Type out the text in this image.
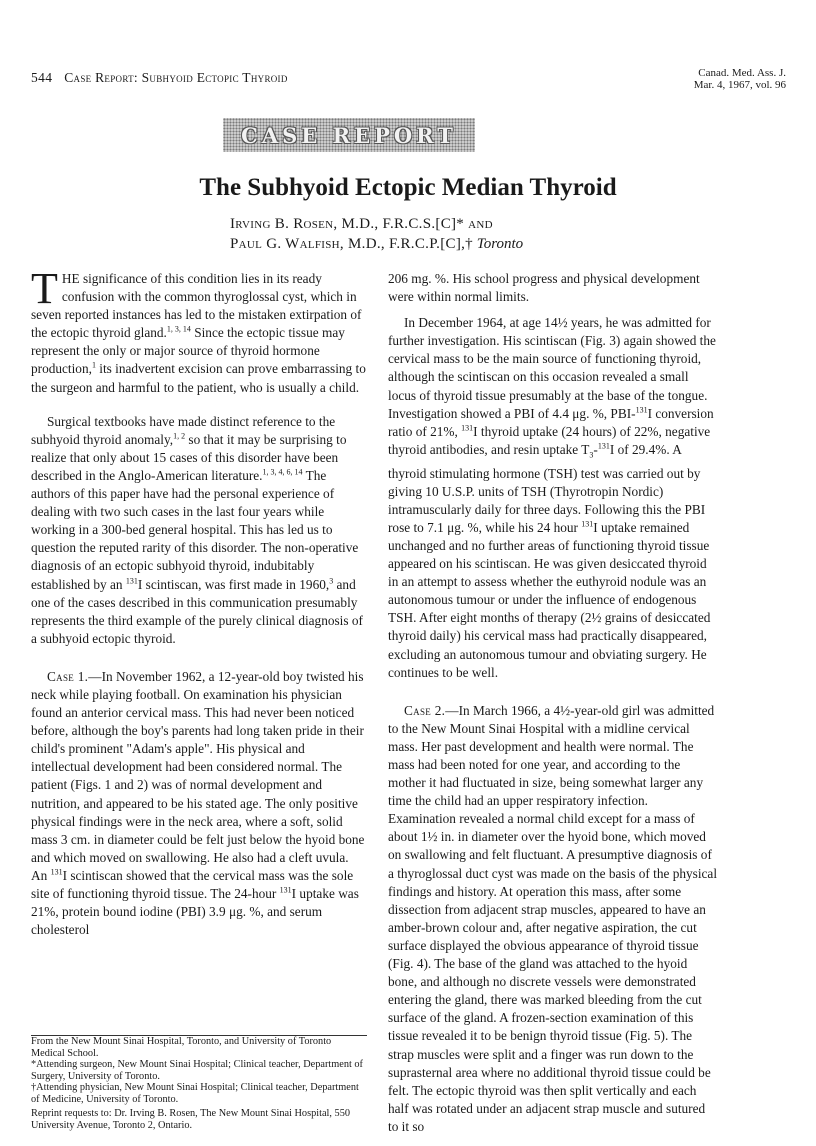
544 Case Report: Subhyoid Ectopic Thyroid	Canad. Med. Ass. J.
Mar. 4, 1967, vol. 96
CASE REPORT
The Subhyoid Ectopic Median Thyroid
Irving B. Rosen, M.D., F.R.C.S.[C]* and
Paul G. Walfish, M.D., F.R.C.P.[C],† Toronto

THE significance of this condition lies in its ready confusion with the common thyroglossal cyst, which in seven reported instances has led to the mistaken extirpation of the ectopic thyroid gland.$^{1, 3, 14}$ Since the ectopic tissue may represent the only or major source of thyroid hormone production,$^1$ its inadvertent excision can prove embarrassing to the surgeon and harmful to the patient, who is usually a child.

Surgical textbooks have made distinct reference to the subhyoid thyroid anomaly,$^{1, 2}$ so that it may be surprising to realize that only about 15 cases of this disorder have been described in the Anglo-American literature.$^{1, 3, 4, 6, 14}$ The authors of this paper have had the personal experience of dealing with two such cases in the last four years while working in a 300-bed general hospital. This has led us to question the reputed rarity of this disorder. The non-operative diagnosis of an ectopic subhyoid thyroid, indubitably established by an $^{131}$I scintiscan, was first made in 1960,$^3$ and one of the cases described in this communication presumably represents the third example of the purely clinical diagnosis of a subhyoid ectopic thyroid.

Case 1.—In November 1962, a 12-year-old boy twisted his neck while playing football. On examination his physician found an anterior cervical mass. This had never been noticed before, although the boy's parents had long taken pride in their child's prominent "Adam's apple". His physical and intellectual development had been considered normal. The patient (Figs. 1 and 2) was of normal development and nutrition, and appeared to be his stated age. The only positive physical findings were in the neck area, where a soft, solid mass 3 cm. in diameter could be felt just below the hyoid bone and which moved on swallowing. He also had a cleft uvula. An $^{131}$I scintiscan showed that the cervical mass was the sole site of functioning thyroid tissue. The 24-hour $^{131}$I uptake was 21%, protein bound iodine (PBI) 3.9 μg. %, and serum cholesterol

From the New Mount Sinai Hospital, Toronto, and University of Toronto Medical School.

*Attending surgeon, New Mount Sinai Hospital; Clinical teacher, Department of Surgery, University of Toronto.

†Attending physician, New Mount Sinai Hospital; Clinical teacher, Department of Medicine, University of Toronto.

Reprint requests to: Dr. Irving B. Rosen, The New Mount Sinai Hospital, 550 University Avenue, Toronto 2, Ontario.

206 mg. %. His school progress and physical development were within normal limits.

In December 1964, at age 14½ years, he was admitted for further investigation. His scintiscan (Fig. 3) again showed the cervical mass to be the main source of functioning thyroid, although the scintiscan on this occasion revealed a small locus of thyroid tissue presumably at the base of the tongue. Investigation showed a PBI of 4.4 μg. %, PBI-$^{131}$I conversion ratio of 21%, $^{131}$I thyroid uptake (24 hours) of 22%, negative thyroid antibodies, and resin uptake $T_3-^{131}I$ of 29.4%. A thyroid stimulating hormone (TSH) test was carried out by giving 10 U.S.P. units of TSH (Thyrotropin Nordic) intramuscularly daily for three days. Following this the PBI rose to 7.1 μg. %, while his 24 hour $^{131}$I uptake remained unchanged and no further areas of functioning thyroid tissue appeared on his scintiscan. He was given desiccated thyroid in an attempt to assess whether the euthyroid nodule was an autonomous tumour or under the influence of endogenous TSH. After eight months of therapy (2½ grains of desiccated thyroid daily) his cervical mass had practically disappeared, excluding an autonomous tumour and obviating surgery. He continues to be well.

Case 2.—In March 1966, a 4½-year-old girl was admitted to the New Mount Sinai Hospital with a midline cervical mass. Her past development and health were normal. The mass had been noted for one year, and according to the mother it had fluctuated in size, being somewhat larger any time the child had an upper respiratory infection. Examination revealed a normal child except for a mass of about 1½ in. in diameter over the hyoid bone, which moved on swallowing and felt fluctuant. A presumptive diagnosis of a thyroglossal duct cyst was made on the basis of the physical findings and history. At operation this mass, after some dissection from adjacent strap muscles, appeared to have an amber-brown colour and, after negative aspiration, the cut surface displayed the obvious appearance of thyroid tissue (Fig. 4). The base of the gland was attached to the hyoid bone, and although no discrete vessels were demonstrated entering the gland, there was marked bleeding from the cut surface of the gland. A frozen-section examination of this tissue revealed it to be benign thyroid tissue (Fig. 5). The strap muscles were split and a finger was run down to the suprasternal area where no additional thyroid tissue could be felt. The ectopic thyroid was then split vertically and each half was rotated under an adjacent strap muscle and sutured to it so
